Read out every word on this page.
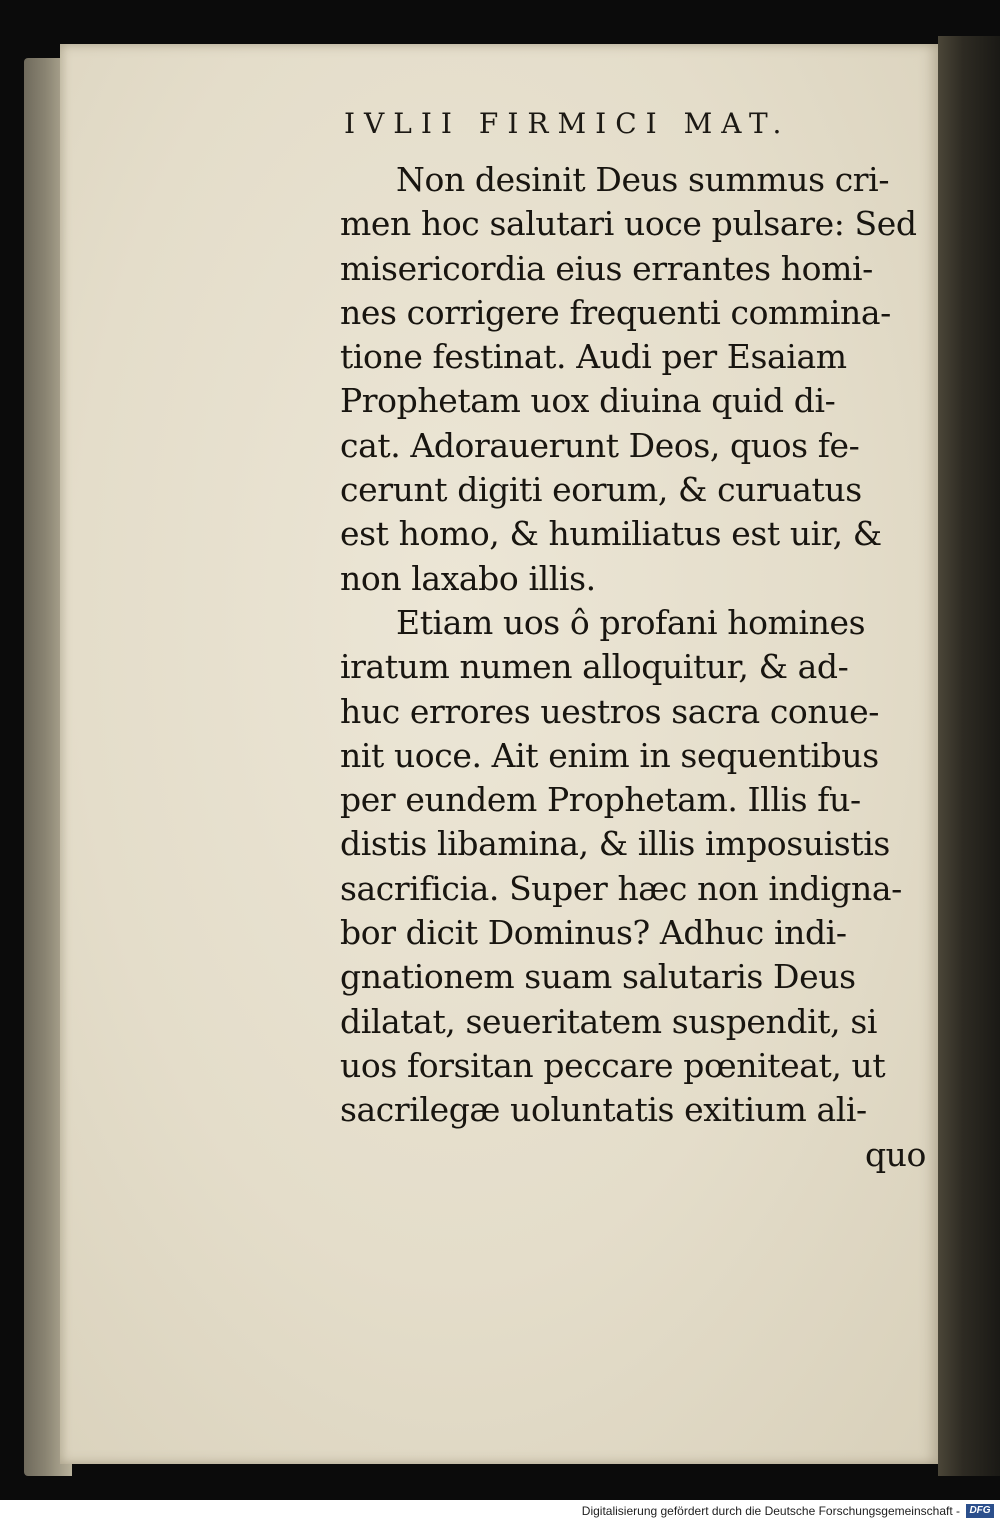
IVLII FIRMICI MAT.
Non desinit Deus summus cri-
men hoc salutari uoce pulsare: Sed
misericordia eius errantes homi-
nes corrigere frequenti commina-
tione festinat. Audi per Esaiam
Prophetam uox diuina quid di-
cat. Adorauerunt Deos, quos fe-
cerunt digiti eorum, & curuatus
est homo, & humiliatus est uir, &
non laxabo illis.
Etiam uos ô profani homines
iratum numen alloquitur, & ad-
huc errores uestros sacra conue-
nit uoce. Ait enim in sequentibus
per eundem Prophetam. Illis fu-
distis libamina, & illis imposuistis
sacrificia. Super hæc non indigna-
bor dicit Dominus? Adhuc indi-
gnationem suam salutaris Deus
dilatat, seueritatem suspendit, si
uos forsitan peccare pœniteat, ut
sacrilegæ uoluntatis exitium ali-
quo
Digitalisierung gefördert durch die Deutsche Forschungsgemeinschaft - DFG
